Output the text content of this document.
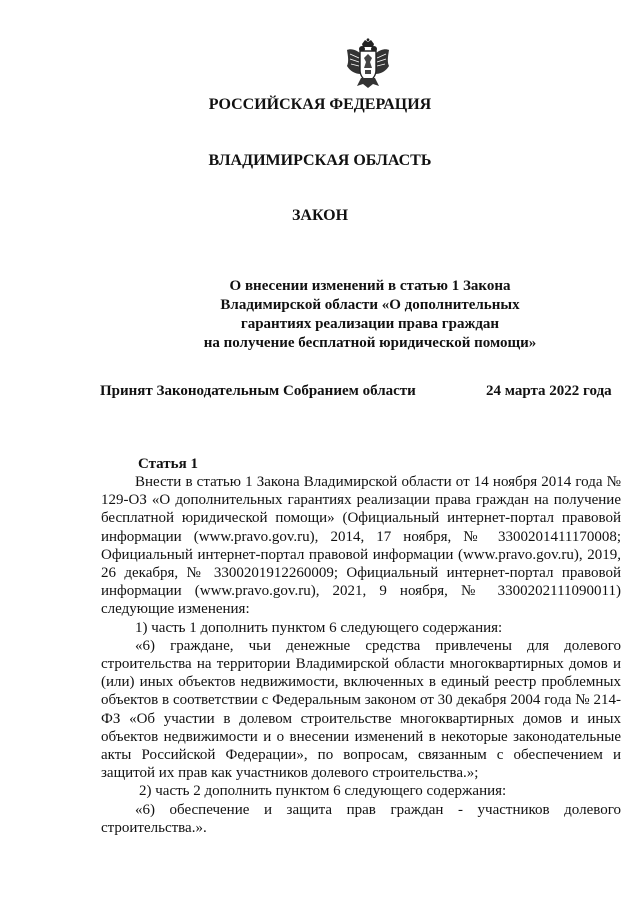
РОССИЙСКАЯ ФЕДЕРАЦИЯ
ВЛАДИМИРСКАЯ ОБЛАСТЬ
ЗАКОН
О внесении изменений в статью 1 Закона
Владимирской области «О дополнительных
гарантиях реализации права граждан
на получение бесплатной юридической помощи»
Принят Законодательным Собранием области	24 марта 2022 года
Статья 1

Внести в статью 1 Закона Владимирской области от 14 ноября 2014 года № 129-ОЗ «О дополнительных гарантиях реализации права граждан на получение бесплатной юридической помощи» (Официальный интернет-портал правовой информации (www.pravo.gov.ru), 2014, 17 ноября, № 3300201411170008; Официальный интернет-портал правовой информации (www.pravo.gov.ru), 2019, 26 декабря, № 3300201912260009; Официальный интернет-портал правовой информации (www.pravo.gov.ru), 2021, 9 ноября, № 3300202111090011) следующие изменения:

1) часть 1 дополнить пунктом 6 следующего содержания:

«6) граждане, чьи денежные средства привлечены для долевого строительства на территории Владимирской области многоквартирных домов и (или) иных объектов недвижимости, включенных в единый реестр проблемных объектов в соответствии с Федеральным законом от 30 декабря 2004 года № 214-ФЗ «Об участии в долевом строительстве многоквартирных домов и иных объектов недвижимости и о внесении изменений в некоторые законодательные акты Российской Федерации», по вопросам, связанным с обеспечением и защитой их прав как участников долевого строительства.»;

2) часть 2 дополнить пунктом 6 следующего содержания:

«6) обеспечение и защита прав граждан - участников долевого строительства.».
